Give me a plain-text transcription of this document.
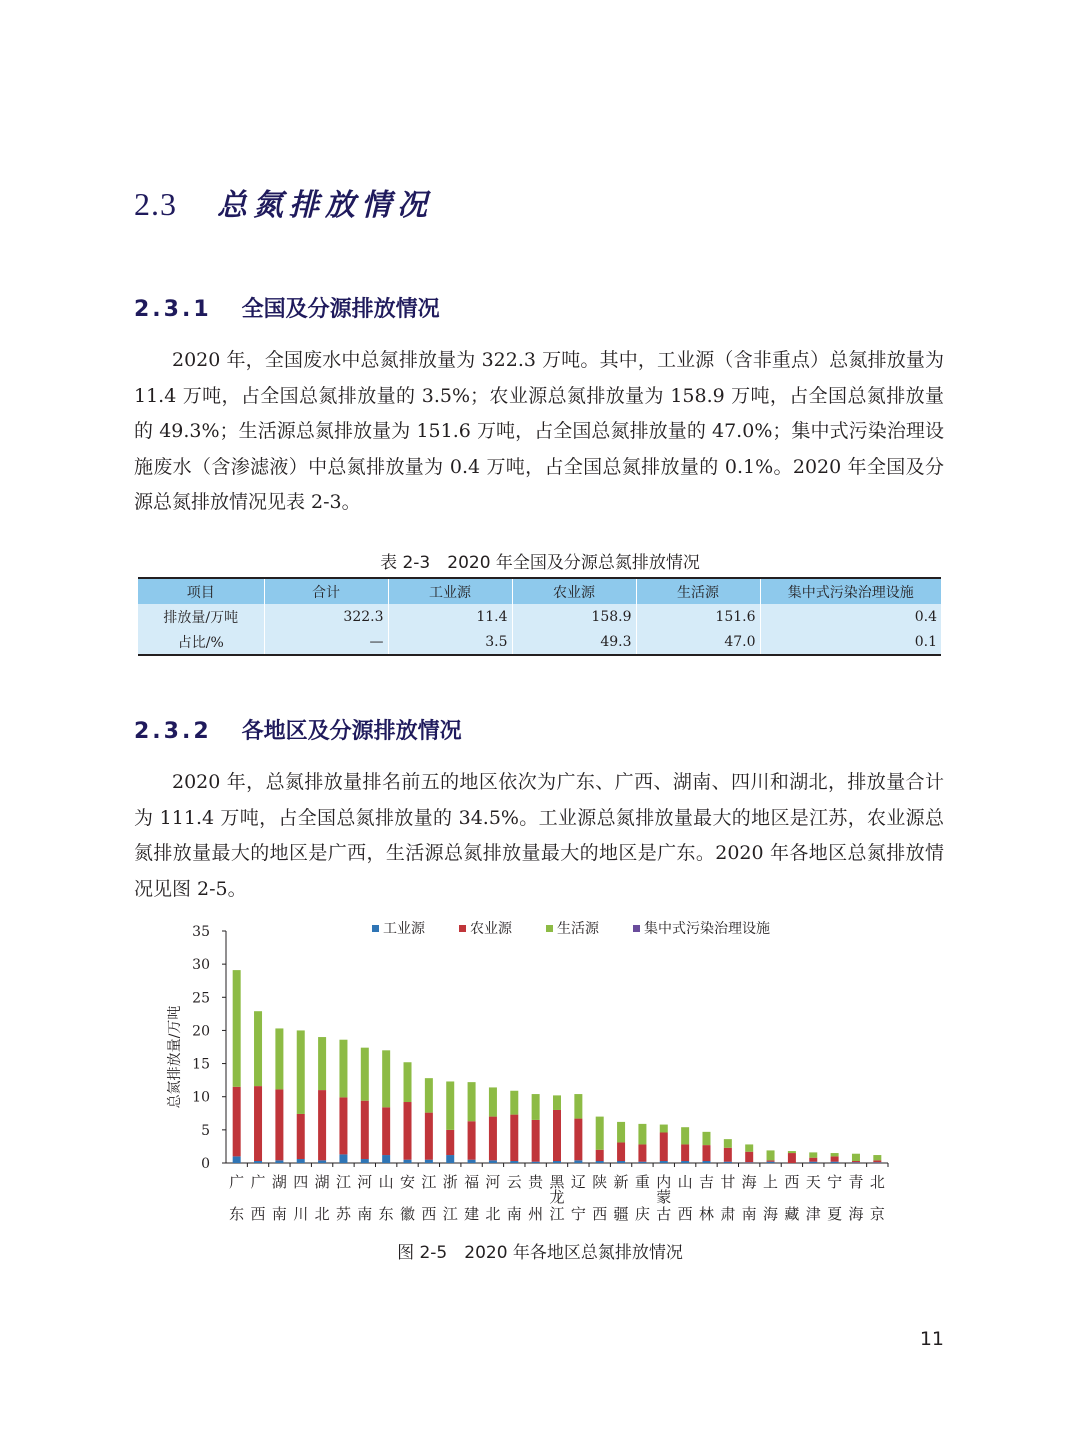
2.3 总氮排放情况
2.3.1 全国及分源排放情况

2020 年，全国废水中总氮排放量为 322.3 万吨。其中，工业源（含非重点）总氮排放量为 11.4 万吨，占全国总氮排放量的 3.5%；农业源总氮排放量为 158.9 万吨，占全国总氮排放量的 49.3%；生活源总氮排放量为 151.6 万吨，占全国总氮排放量的 47.0%；集中式污染治理设施废水（含渗滤液）中总氮排放量为 0.4 万吨，占全国总氮排放量的 0.1%。2020 年全国及分源总氮排放情况见表 2-3。

表 2-3　2020 年全国及分源总氮排放情况
项目	合计	工业源	农业源	生活源	集中式污染治理设施
排放量/万吨	322.3	11.4	158.9	151.6	0.4
占比/%	—	3.5	49.3	47.0	0.1
2.3.2 各地区及分源排放情况

2020 年，总氮排放量排名前五的地区依次为广东、广西、湖南、四川和湖北，排放量合计为 111.4 万吨，占全国总氮排放量的 34.5%。工业源总氮排放量最大的地区是江苏，农业源总氮排放量最大的地区是广西，生活源总氮排放量最大的地区是广东。2020 年各地区总氮排放情况见图 2-5。

工业源	农业源	生活源	集中式污染治理设施
0
5
10
15
20
25
30
35
总氮排放量/万吨
广
东
广
西
湖
南
四
川
湖
北
江
苏
河
南
山
东
安
徽
江
西
浙
江
福
建
河
北
云
南
贵
州
黑
龙
江
辽
宁
陕
西
新
疆
重
庆
内
蒙
古
山
西
吉
林
甘
肃
海
南
上
海
西
藏
天
津
宁
夏
青
海
北
京
图 2-5　2020 年各地区总氮排放情况
11
